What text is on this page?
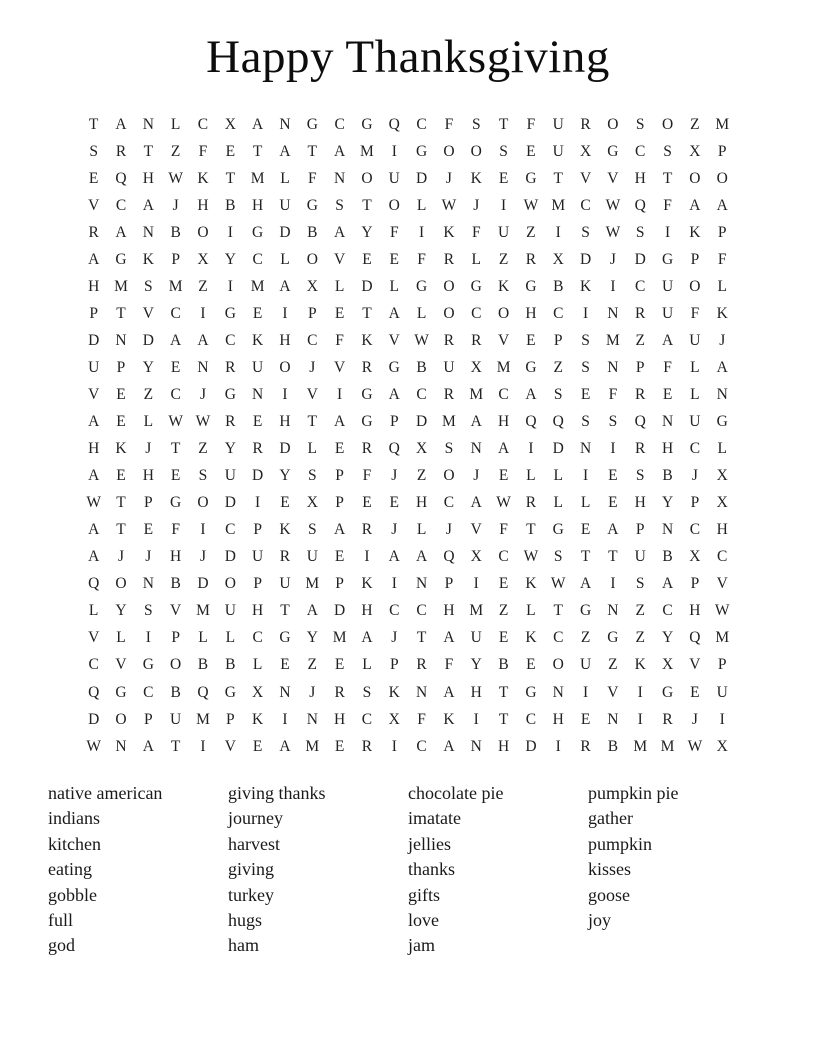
Happy Thanksgiving
T	A	N	L	C	X	A	N	G	C	G	Q	C	F	S	T	F	U	R	O	S	O	Z	M
S	R	T	Z	F	E	T	A	T	A M	I	G	O	O	S	E	U	X	G	C	S	X	P
E	Q	H W K	T	M	L	F	N	O	U	D	J	K	E	G	T	V	V	H	T	O	O
V	C	A	J	H	B	H	U	G	S	T	O	L W	J	I	W M C W Q	F	A	A
R	A	N	B	O	I	G	D	B	A	Y	F	I	K	F	U	Z	I	S	W	S	I	K	P
A	G	K	P	X	Y	C	L	O	V	E	E	F	R	L	Z	R	X	D	J	D	G	P	F
H M	S	M	Z	I	M A	X	L	D	L	G	O	G	K	G	B	K	I	C	U	O	L
P	T	V	C	I	G	E	I	P	E	T	A	L	O	C	O	H	C	I	N	R	U	F	K
D	N	D	A	A	C	K	H	C	F	K	V W R	R	V	E	P	S	M	Z	A	U	J
U	P	Y	E	N	R	U	O	J	V	R	G	B	U	X M G	Z	S	N	P	F	L	A
V	E	Z	C	J	G	N	I	V	I	G	A	C	R M C	A	S	E	F	R	E	L	N
A	E	L W W R	E	H	T	A	G	P	D M A	H	Q	Q	S	S	Q	N	U	G
H	K	J	T	Z	Y	R	D	L	E	R	Q	X	S	N	A	I	D	N	I	R	H	C	L
A	E	H	E	S	U	D	Y	S	P	F	J	Z	O	J	E	L	L	I	E	S	B	J	X
W T	P	G	O	D	I	E	X	P	E	E	H	C	A W R	L	L	E	H	Y	P	X
A	T	E	F	I	C	P	K	S	A	R	J	L	J	V	F	T	G	E	A	P	N	C	H
A	J	J	H	J	D	U	R	U	E	I	A	A	Q	X	C W	S	T	T	U	B	X	C
Q	O	N	B	D	O	P	U M	P	K	I	N	P	I	E	K W A	I	S	A	P	V
L	Y	S	V M U	H	T	A	D	H	C	C	H M	Z	L	T	G	N	Z	C	H W
V	L	I	P	L	L	C	G	Y M A	J	T	A	U	E	K	C	Z	G	Z	Y	Q M
C	V	G	O	B	B	L	E	Z	E	L	P	R	F	Y	B	E	O	U	Z	K	X	V	P
Q	G	C	B	Q	G	X	N	J	R	S	K	N	A	H	T	G	N	I	V	I	G	E	U
D	O	P	U M	P	K	I	N	H	C	X	F	K	I	T	C	H	E	N	I	R	J	I
W N	A	T	I	V	E	A M	E	R	I	C	A	N	H	D	I	R	B M M W X
native american
indians
kitchen
eating
gobble
full
god
giving thanks
journey
harvest
giving
turkey
hugs
ham
chocolate pie
imatate
jellies
thanks
gifts
love
jam
pumpkin pie
gather
pumpkin
kisses
goose
joy
